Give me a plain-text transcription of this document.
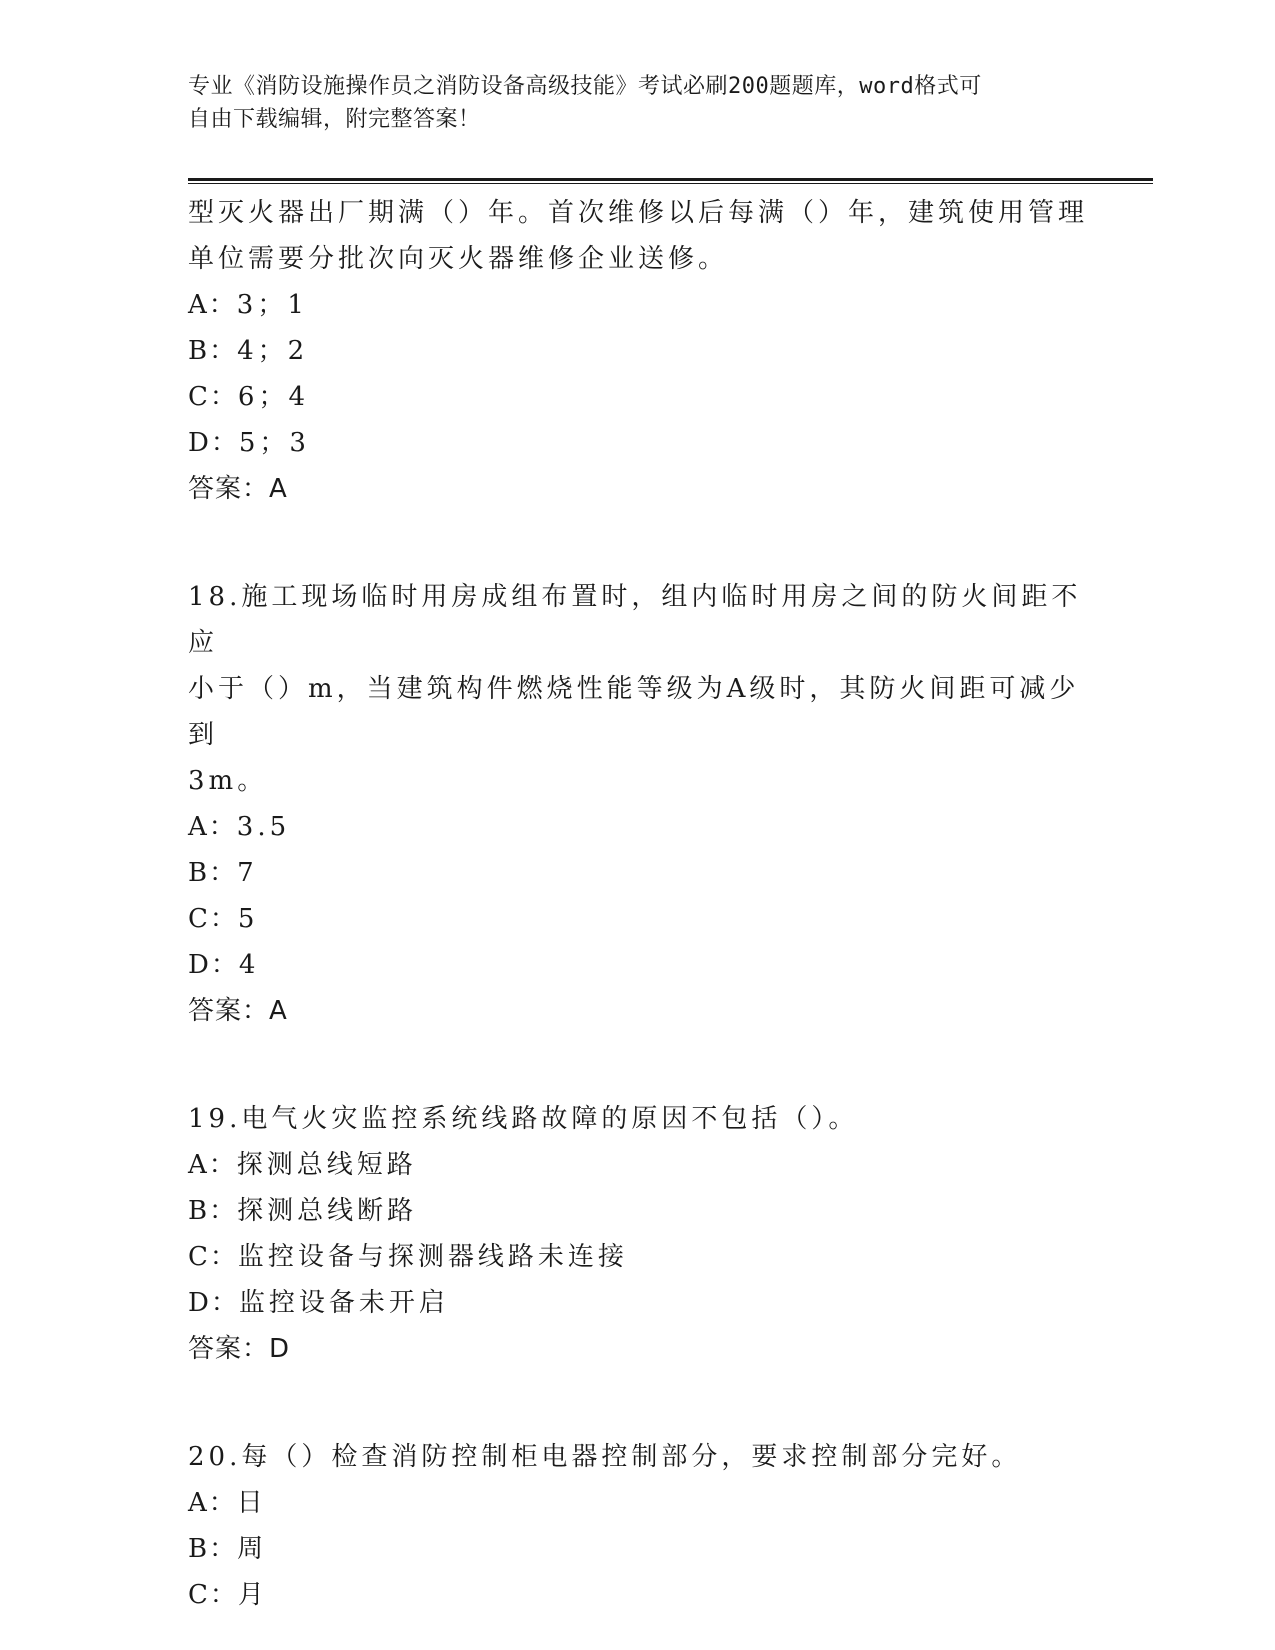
专业《消防设施操作员之消防设备高级技能》考试必刷200题题库，word格式可
自由下载编辑，附完整答案！

型灭火器出厂期满（）年。首次维修以后每满（）年，建筑使用管理

单位需要分批次向灭火器维修企业送修。

A：3；1

B：4；2

C：6；4

D：5；3

答案：A

18.施工现场临时用房成组布置时，组内临时用房之间的防火间距不应

小于（）m，当建筑构件燃烧性能等级为A级时，其防火间距可减少到

3m。

A：3.5

B：7

C：5

D：4

答案：A

19.电气火灾监控系统线路故障的原因不包括（）。

A：探测总线短路

B：探测总线断路

C：监控设备与探测器线路未连接

D：监控设备未开启

答案：D

20.每（）检查消防控制柜电器控制部分，要求控制部分完好。

A：日

B：周

C：月
